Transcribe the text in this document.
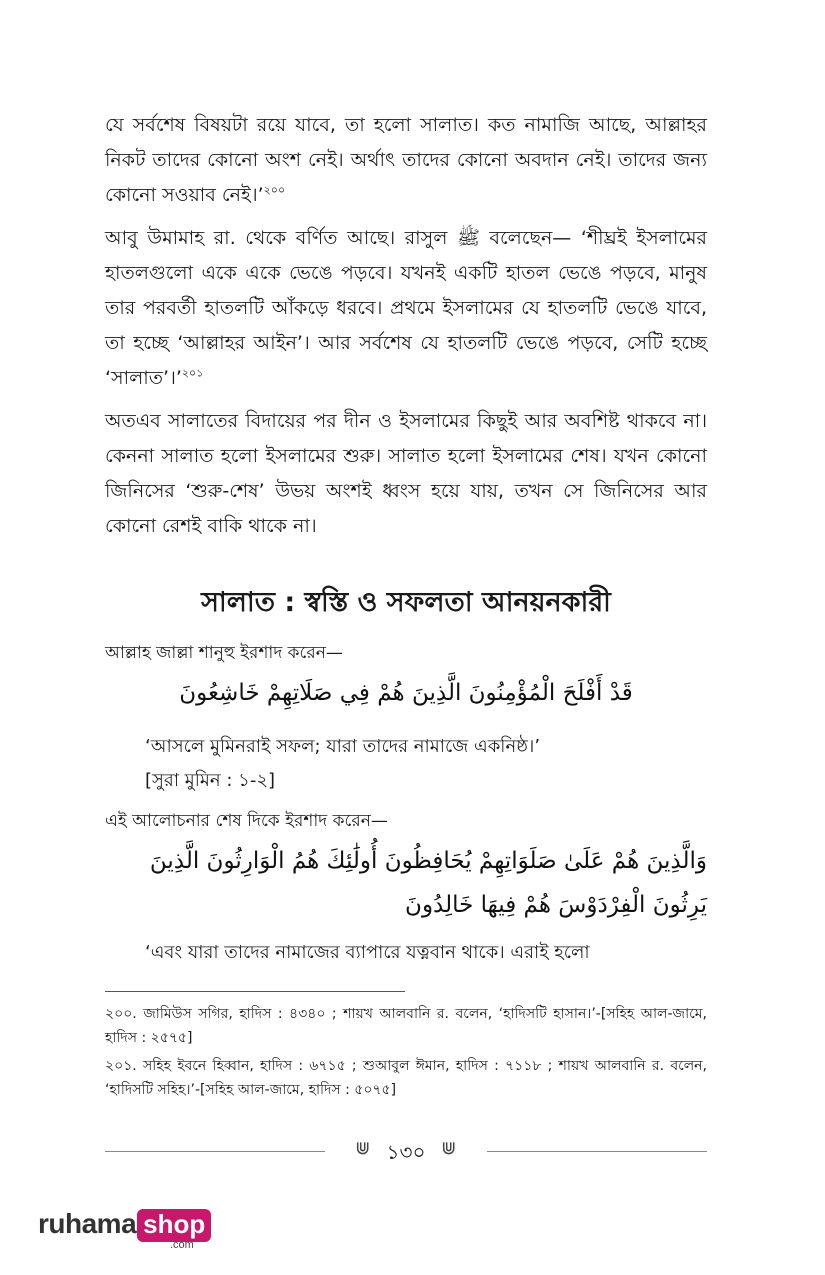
যে সর্বশেষ বিষয়টা রয়ে যাবে, তা হলো সালাত। কত নামাজি আছে, আল্লাহর নিকট তাদের কোনো অংশ নেই। অর্থাৎ তাদের কোনো অবদান নেই। তাদের জন্য কোনো সওয়াব নেই।’$^{২০০}$

আবু উমামাহ রা. থেকে বর্ণিত আছে। রাসুল ﷺ বলেছেন— ‘শীঘ্রই ইসলামের হাতলগুলো একে একে ভেঙে পড়বে। যখনই একটি হাতল ভেঙে পড়বে, মানুষ তার পরবর্তী হাতলটি আঁকড়ে ধরবে। প্রথমে ইসলামের যে হাতলটি ভেঙে যাবে, তা হচ্ছে ‘আল্লাহর আইন’। আর সর্বশেষ যে হাতলটি ভেঙে পড়বে, সেটি হচ্ছে ‘সালাত’।’$^{২০১}$

অতএব সালাতের বিদায়ের পর দীন ও ইসলামের কিছুই আর অবশিষ্ট থাকবে না। কেননা সালাত হলো ইসলামের শুরু। সালাত হলো ইসলামের শেষ। যখন কোনো জিনিসের ‘শুরু-শেষ’ উভয় অংশই ধ্বংস হয়ে যায়, তখন সে জিনিসের আর কোনো রেশই বাকি থাকে না।

সালাত : স্বস্তি ও সফলতা আনয়নকারী
আল্লাহ জাল্লা শানুহু ইরশাদ করেন—
قَدْ أَفْلَحَ الْمُؤْمِنُونَ الَّذِينَ هُمْ فِي صَلَاتِهِمْ خَاشِعُونَ
‘আসলে মুমিনরাই সফল; যারা তাদের নামাজে একনিষ্ঠ।’
[সুরা মুমিন : ১-২]
এই আলোচনার শেষ দিকে ইরশাদ করেন—
وَالَّذِينَ هُمْ عَلَىٰ صَلَوَاتِهِمْ يُحَافِظُونَ أُولَٰئِكَ هُمُ الْوَارِثُونَ الَّذِينَ
يَرِثُونَ الْفِرْدَوْسَ هُمْ فِيهَا خَالِدُونَ
‘এবং যারা তাদের নামাজের ব্যাপারে যত্নবান থাকে। এরাই হলো

২০০. জামিউস সগির, হাদিস : ৪৩৪০ ; শায়খ আলবানি র. বলেন, ‘হাদিসটি হাসান।’-[সহিহ আল-জামে, হাদিস : ২৫৭৫]

২০১. সহিহ ইবনে হিব্বান, হাদিস : ৬৭১৫ ; শুআবুল ঈমান, হাদিস : ৭১১৮ ; শায়খ আলবানি র. বলেন, ‘হাদিসটি সহিহ।’-[সহিহ আল-জামে, হাদিস : ৫০৭৫]

⋓ ১৩০ ⋓
ruhama shop
.com
